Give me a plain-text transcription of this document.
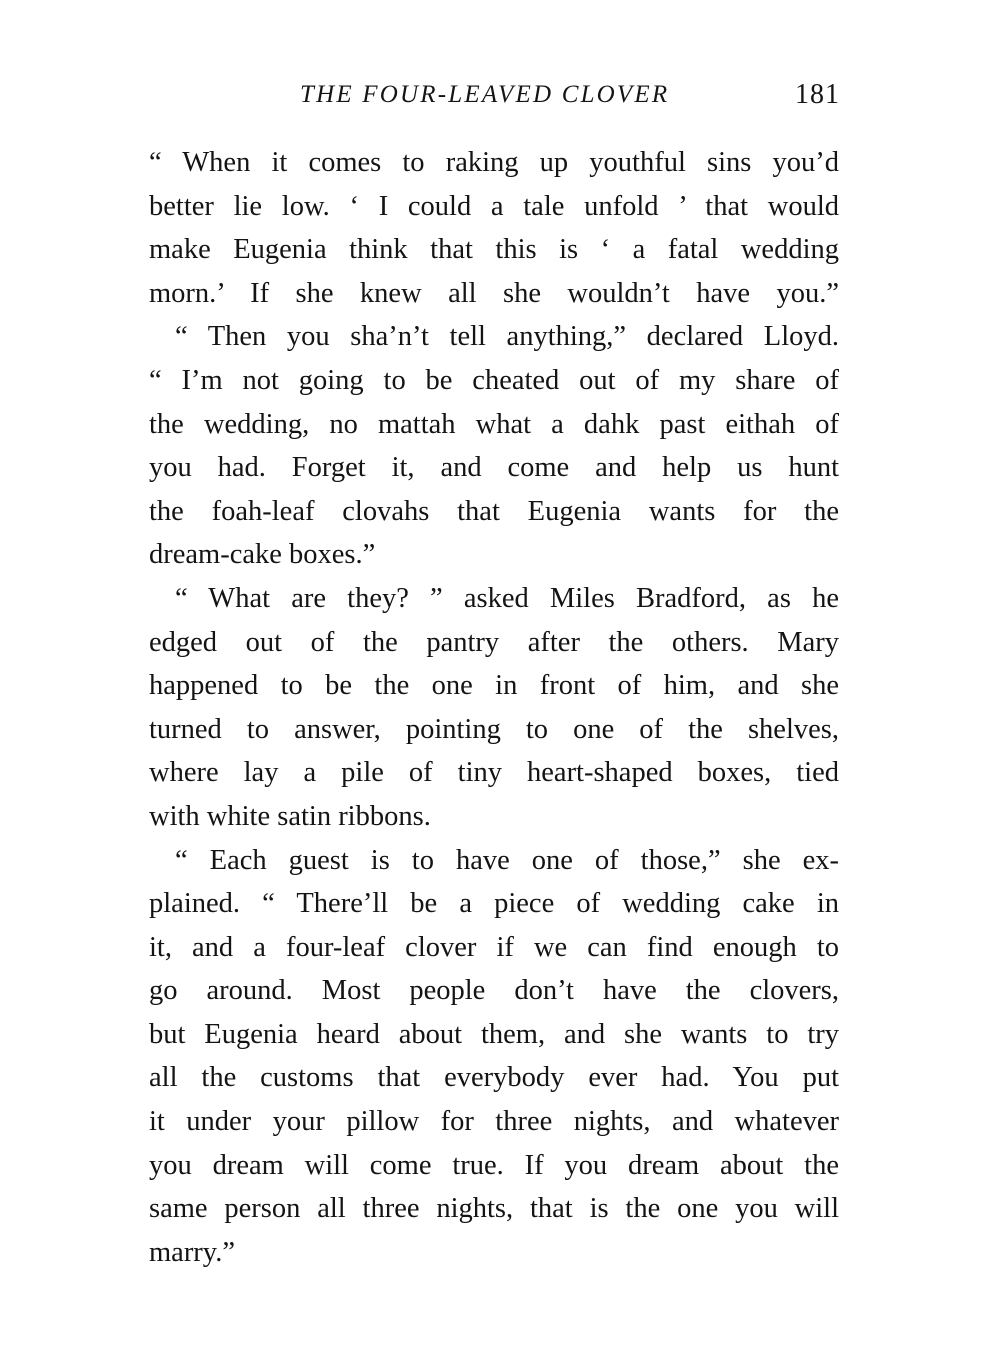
THE FOUR-LEAVED CLOVER	181
“ When it comes to raking up youthful sins you’d
better lie low. ‘ I could a tale unfold ’ that would
make Eugenia think that this is ‘ a fatal wedding
morn.’ If she knew all she wouldn’t have you.”
“ Then you sha’n’t tell anything,” declared Lloyd.
“ I’m not going to be cheated out of my share of
the wedding, no mattah what a dahk past eithah of
you had. Forget it, and come and help us hunt
the foah-leaf clovahs that Eugenia wants for the
dream-cake boxes.”
“ What are they? ” asked Miles Bradford, as he
edged out of the pantry after the others. Mary
happened to be the one in front of him, and she
turned to answer, pointing to one of the shelves,
where lay a pile of tiny heart-shaped boxes, tied
with white satin ribbons.
“ Each guest is to have one of those,” she ex-
plained. “ There’ll be a piece of wedding cake in
it, and a four-leaf clover if we can find enough to
go around. Most people don’t have the clovers,
but Eugenia heard about them, and she wants to try
all the customs that everybody ever had. You put
it under your pillow for three nights, and whatever
you dream will come true. If you dream about the
same person all three nights, that is the one you will
marry.”
